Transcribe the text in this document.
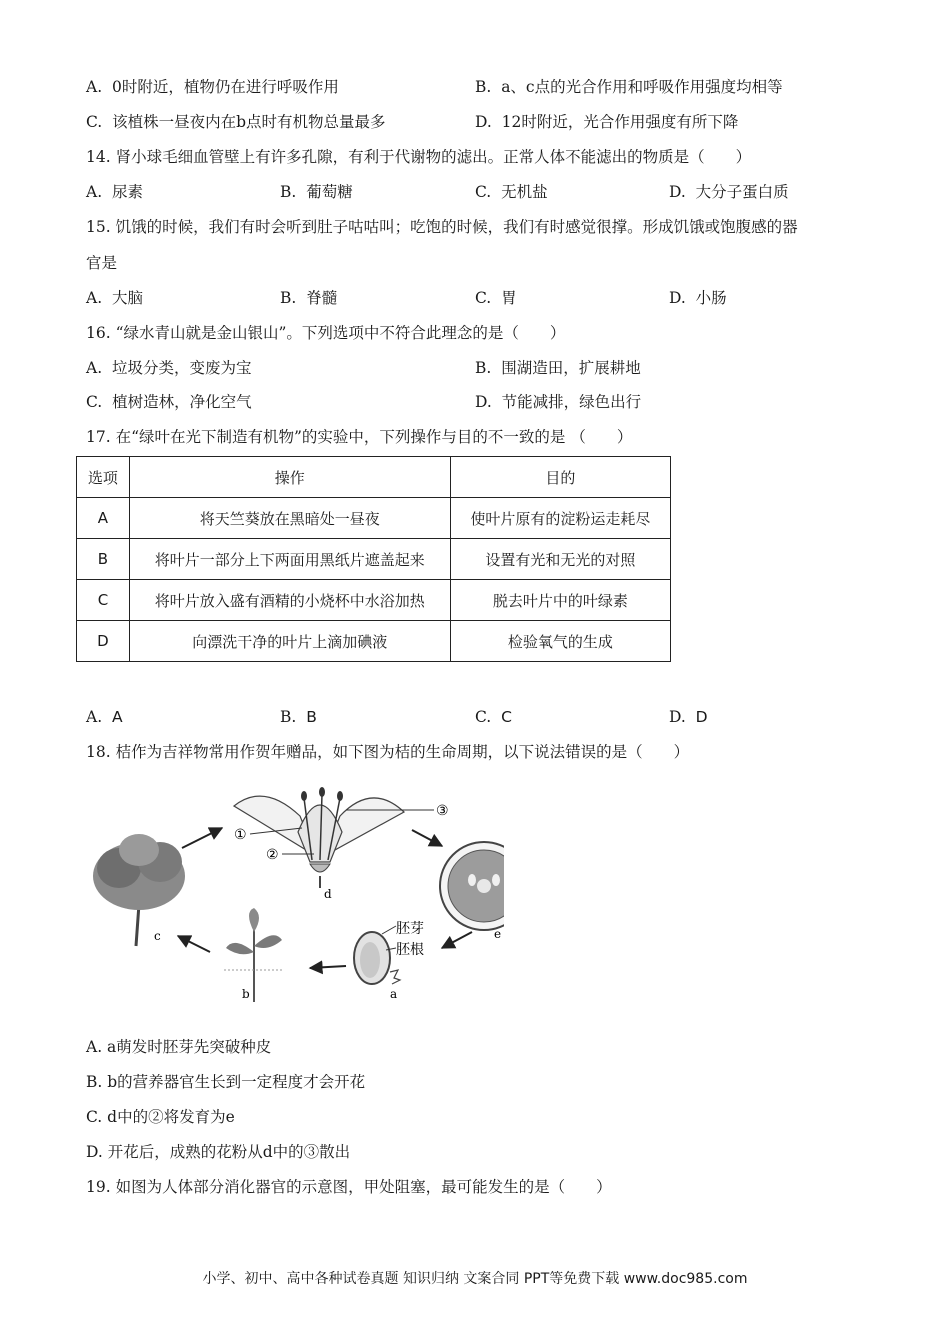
A. 0时附近，植物仍在进行呼吸作用	B. a、c点的光合作用和呼吸作用强度均相等
C. 该植株一昼夜内在b点时有机物总量最多	D. 12时附近，光合作用强度有所下降
14. 肾小球毛细血管壁上有许多孔隙，有利于代谢物的滤出。正常人体不能滤出的物质是（　　）
A. 尿素	B. 葡萄糖	C. 无机盐	D. 大分子蛋白质
15. 饥饿的时候，我们有时会听到肚子咕咕叫；吃饱的时候，我们有时感觉很撑。形成饥饿或饱腹感的器
官是
A. 大脑	B. 脊髓	C. 胃	D. 小肠
16. “绿水青山就是金山银山”。下列选项中不符合此理念的是（　　）
A. 垃圾分类，变废为宝	B. 围湖造田，扩展耕地
C. 植树造林，净化空气	D. 节能减排，绿色出行
17. 在“绿叶在光下制造有机物”的实验中，下列操作与目的不一致的是 （　　）
选项	操作	目的
A	将天竺葵放在黑暗处一昼夜	使叶片原有的淀粉运走耗尽
B	将叶片一部分上下两面用黑纸片遮盖起来	设置有光和无光的对照
C	将叶片放入盛有酒精的小烧杯中水浴加热	脱去叶片中的叶绿素
D	向漂洗干净的叶片上滴加碘液	检验氧气的生成
A. A	B. B	C. C	D. D
18. 桔作为吉祥物常用作贺年赠品，如下图为桔的生命周期，以下说法错误的是（　　）
c
d
①
②
③
e
胚芽
胚根
a
b
A. a萌发时胚芽先突破种皮
B. b的营养器官生长到一定程度才会开花
C. d中的②将发育为e
D. 开花后，成熟的花粉从d中的③散出
19. 如图为人体部分消化器官的示意图，甲处阻塞，最可能发生的是（　　）
小学、初中、高中各种试卷真题 知识归纳 文案合同 PPT等免费下载 www.doc985.com
